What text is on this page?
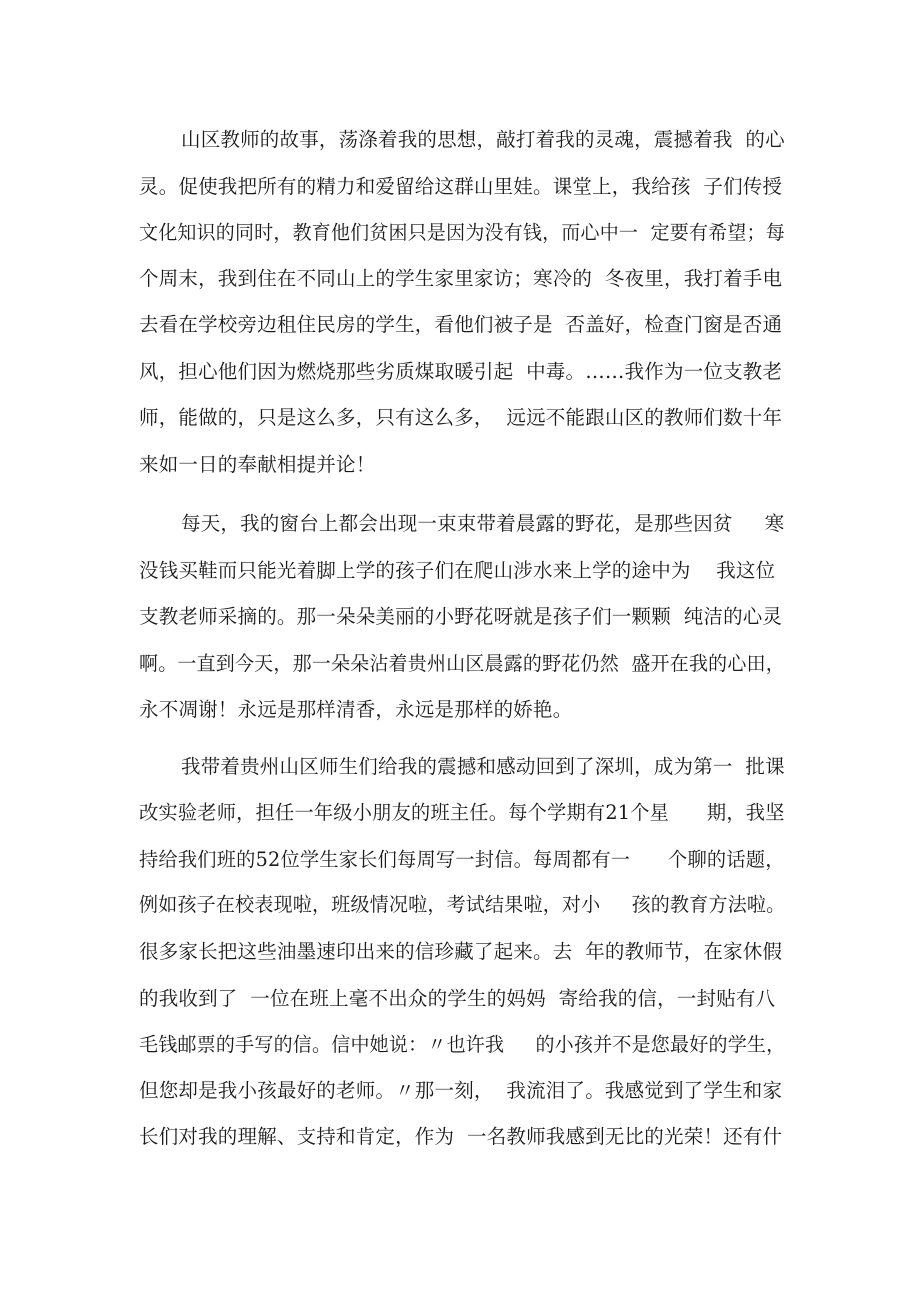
山区教师的故事，荡涤着我的思想，敲打着我的灵魂，震撼着我  的心
灵。促使我把所有的精力和爱留给这群山里娃。课堂上，我给孩  子们传授
文化知识的同时，教育他们贫困只是因为没有钱，而心中一  定要有希望；每
个周末，我到住在不同山上的学生家里家访；寒冷的  冬夜里，我打着手电
去看在学校旁边租住民房的学生，看他们被子是  否盖好，检查门窗是否通
风，担心他们因为燃烧那些劣质煤取暖引起  中毒。……我作为一位支教老
师，能做的，只是这么多，只有这么多，  远远不能跟山区的教师们数十年
来如一日的奉献相提并论！
每天，我的窗台上都会出现一束束带着晨露的野花，是那些因贫     寒
没钱买鞋而只能光着脚上学的孩子们在爬山涉水来上学的途中为    我这位
支教老师采摘的。那一朵朵美丽的小野花呀就是孩子们一颗颗  纯洁的心灵
啊。一直到今天，那一朵朵沾着贵州山区晨露的野花仍然  盛开在我的心田，
永不凋谢！永远是那样清香，永远是那样的娇艳。
我带着贵州山区师生们给我的震撼和感动回到了深圳，成为第一  批课
改实验老师，担任一年级小朋友的班主任。每个学期有21个星      期，我坚
持给我们班的52位学生家长们每周写一封信。每周都有一      个聊的话题，
例如孩子在校表现啦，班级情况啦，考试结果啦，对小     孩的教育方法啦。
很多家长把这些油墨速印出来的信珍藏了起来。去  年的教师节，在家休假
的我收到了  一位在班上毫不出众的学生的妈妈  寄给我的信，一封贴有八
毛钱邮票的手写的信。信中她说：〃也许我     的小孩并不是您最好的学生，
但您却是我小孩最好的老师。〃那一刻，  我流泪了。我感觉到了学生和家
长们对我的理解、支持和肯定，作为  一名教师我感到无比的光荣！还有什
